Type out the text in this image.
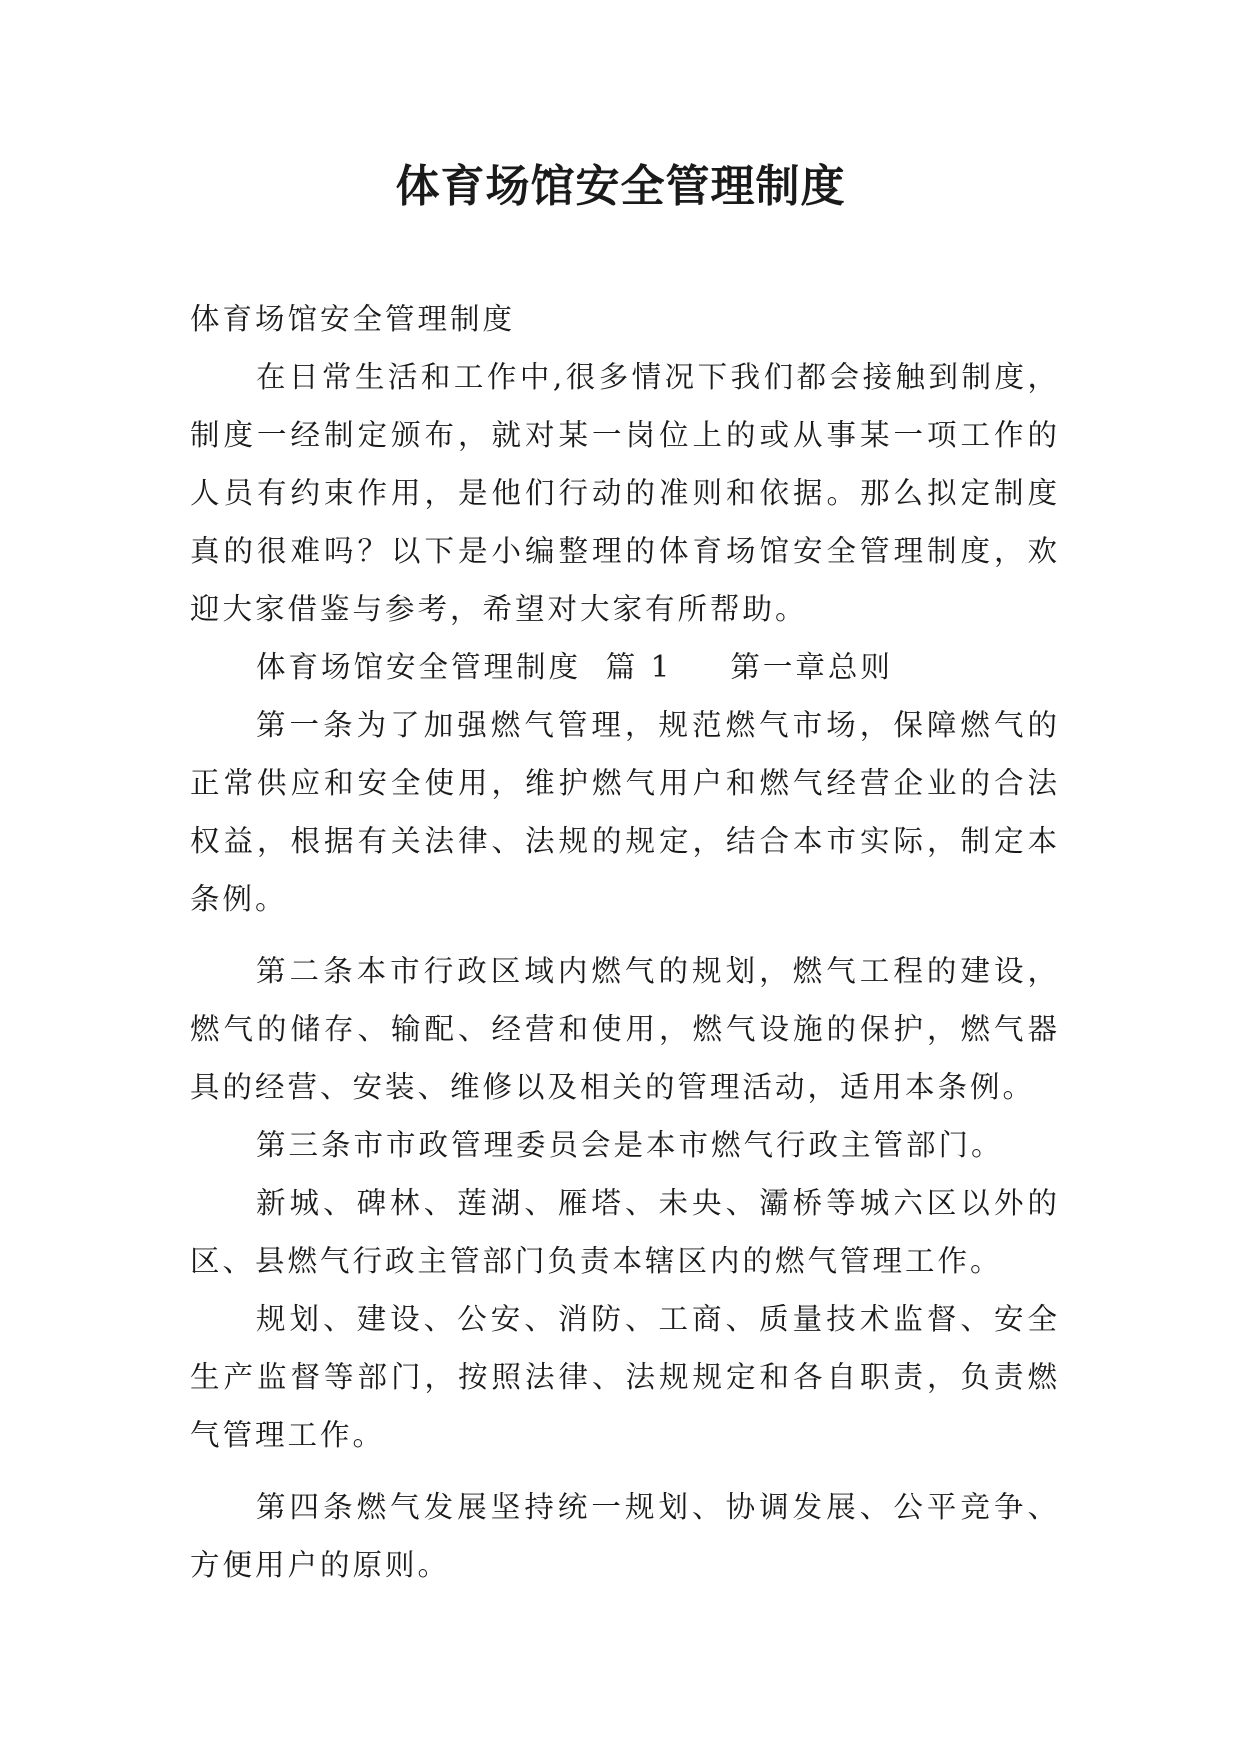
体育场馆安全管理制度

体育场馆安全管理制度

在日常生活和工作中,很多情况下我们都会接触到制度，制度一经制定颁布，就对某一岗位上的或从事某一项工作的人员有约束作用，是他们行动的准则和依据。那么拟定制度真的很难吗？以下是小编整理的体育场馆安全管理制度，欢迎大家借鉴与参考，希望对大家有所帮助。

体育场馆安全管理制度  篇 1 第一章总则

第一条为了加强燃气管理，规范燃气市场，保障燃气的正常供应和安全使用，维护燃气用户和燃气经营企业的合法权益，根据有关法律、法规的规定，结合本市实际，制定本条例。

第二条本市行政区域内燃气的规划，燃气工程的建设，燃气的储存、输配、经营和使用，燃气设施的保护，燃气器具的经营、安装、维修以及相关的管理活动，适用本条例。

第三条市市政管理委员会是本市燃气行政主管部门。

新城、碑林、莲湖、雁塔、未央、灞桥等城六区以外的区、县燃气行政主管部门负责本辖区内的燃气管理工作。

规划、建设、公安、消防、工商、质量技术监督、安全生产监督等部门，按照法律、法规规定和各自职责，负责燃气管理工作。

第四条燃气发展坚持统一规划、协调发展、公平竞争、方便用户的原则。
